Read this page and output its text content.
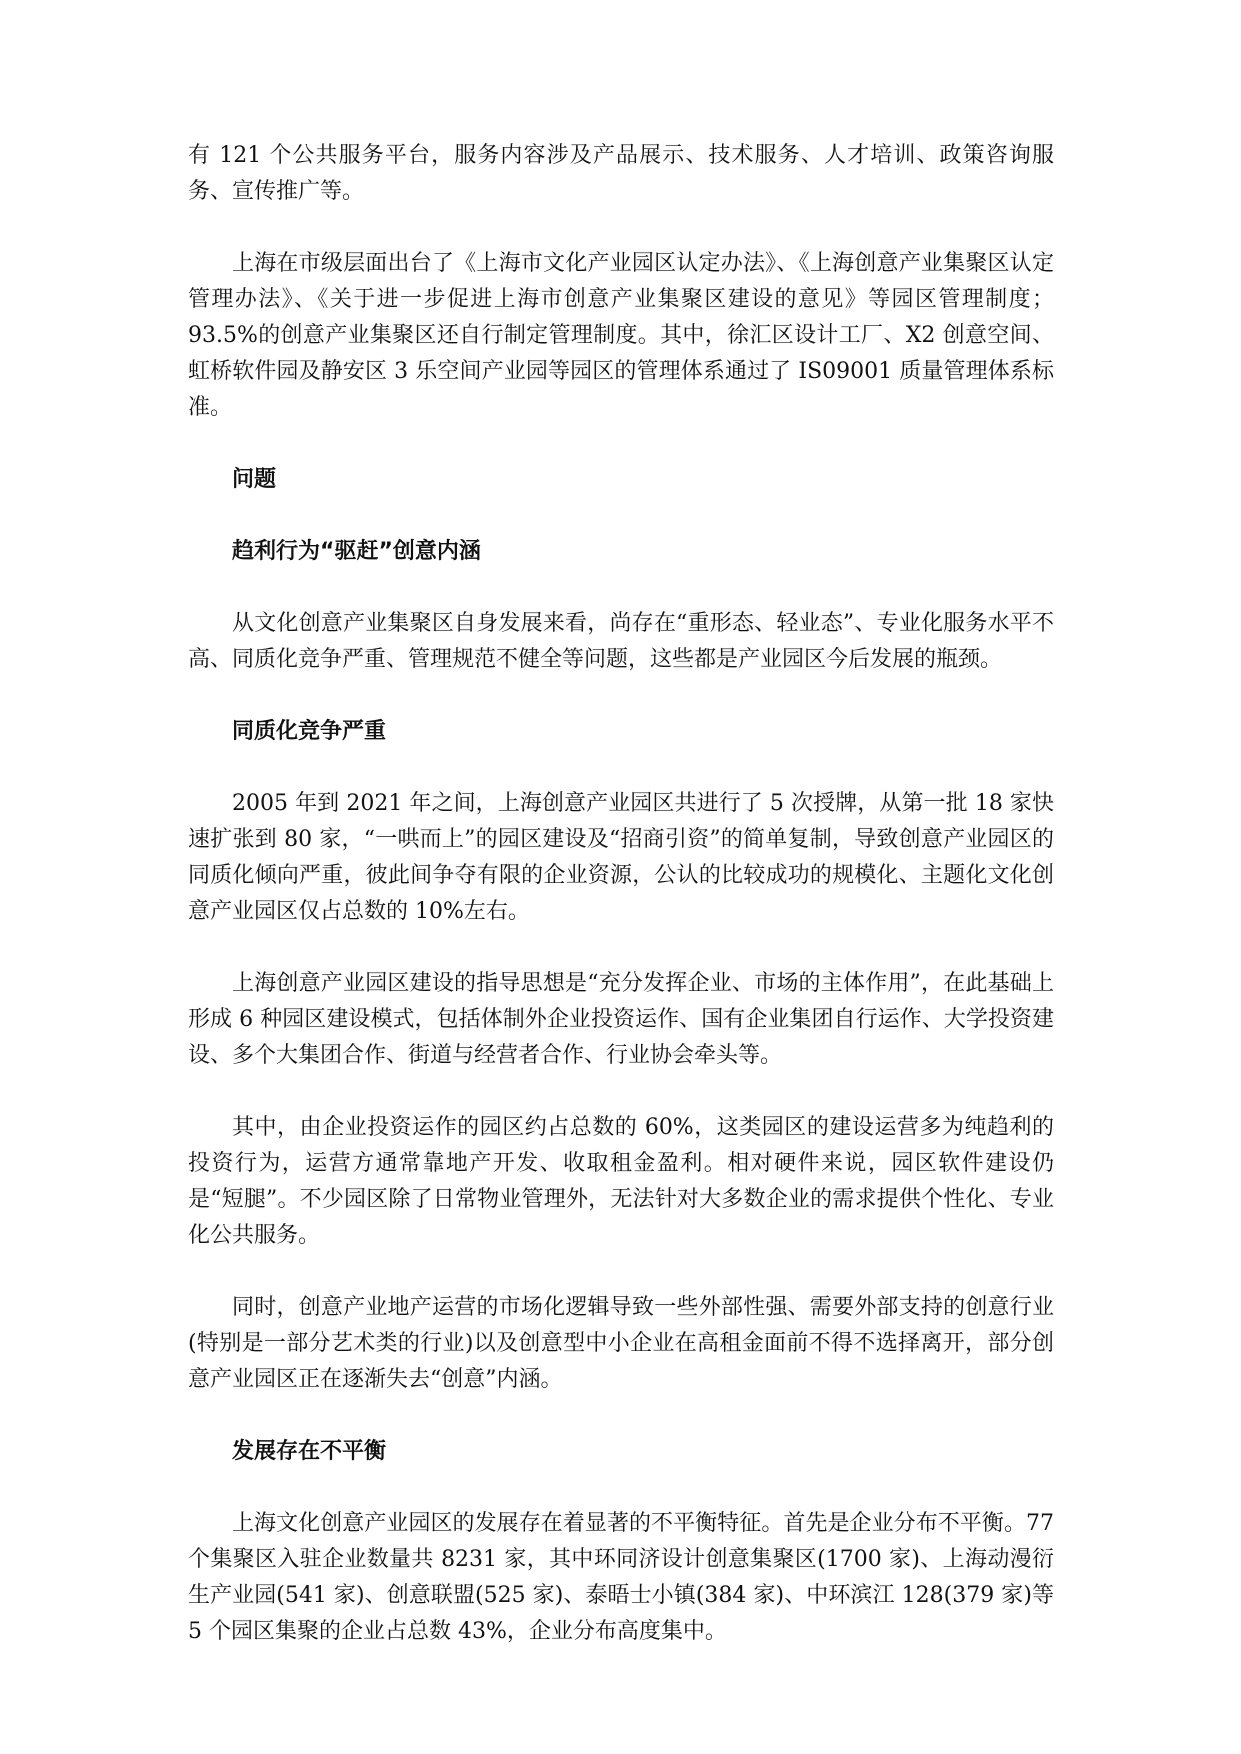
有 121 个公共服务平台，服务内容涉及产品展示、技术服务、人才培训、政策咨询服务、宣传推广等。

上海在市级层面出台了《上海市文化产业园区认定办法》、《上海创意产业集聚区认定管理办法》、《关于进一步促进上海市创意产业集聚区建设的意见》等园区管理制度；93.5%的创意产业集聚区还自行制定管理制度。其中，徐汇区设计工厂、X2 创意空间、虹桥软件园及静安区 3 乐空间产业园等园区的管理体系通过了 IS09001 质量管理体系标准。

问题

趋利行为“驱赶”创意内涵

从文化创意产业集聚区自身发展来看，尚存在“重形态、轻业态”、专业化服务水平不高、同质化竞争严重、管理规范不健全等问题，这些都是产业园区今后发展的瓶颈。

同质化竞争严重

2005 年到 2021 年之间，上海创意产业园区共进行了 5 次授牌，从第一批 18 家快速扩张到 80 家，“一哄而上”的园区建设及“招商引资”的简单复制，导致创意产业园区的同质化倾向严重，彼此间争夺有限的企业资源，公认的比较成功的规模化、主题化文化创意产业园区仅占总数的 10%左右。

上海创意产业园区建设的指导思想是“充分发挥企业、市场的主体作用”，在此基础上形成 6 种园区建设模式，包括体制外企业投资运作、国有企业集团自行运作、大学投资建设、多个大集团合作、街道与经营者合作、行业协会牵头等。

其中，由企业投资运作的园区约占总数的 60%，这类园区的建设运营多为纯趋利的投资行为，运营方通常靠地产开发、收取租金盈利。相对硬件来说，园区软件建设仍是“短腿”。不少园区除了日常物业管理外，无法针对大多数企业的需求提供个性化、专业化公共服务。

同时，创意产业地产运营的市场化逻辑导致一些外部性强、需要外部支持的创意行业(特别是一部分艺术类的行业)以及创意型中小企业在高租金面前不得不选择离开，部分创意产业园区正在逐渐失去“创意”内涵。

发展存在不平衡

上海文化创意产业园区的发展存在着显著的不平衡特征。首先是企业分布不平衡。77 个集聚区入驻企业数量共 8231 家，其中环同济设计创意集聚区(1700 家)、上海动漫衍生产业园(541 家)、创意联盟(525 家)、泰晤士小镇(384 家)、中环滨江 128(379 家)等 5 个园区集聚的企业占总数 43%，企业分布高度集中。
